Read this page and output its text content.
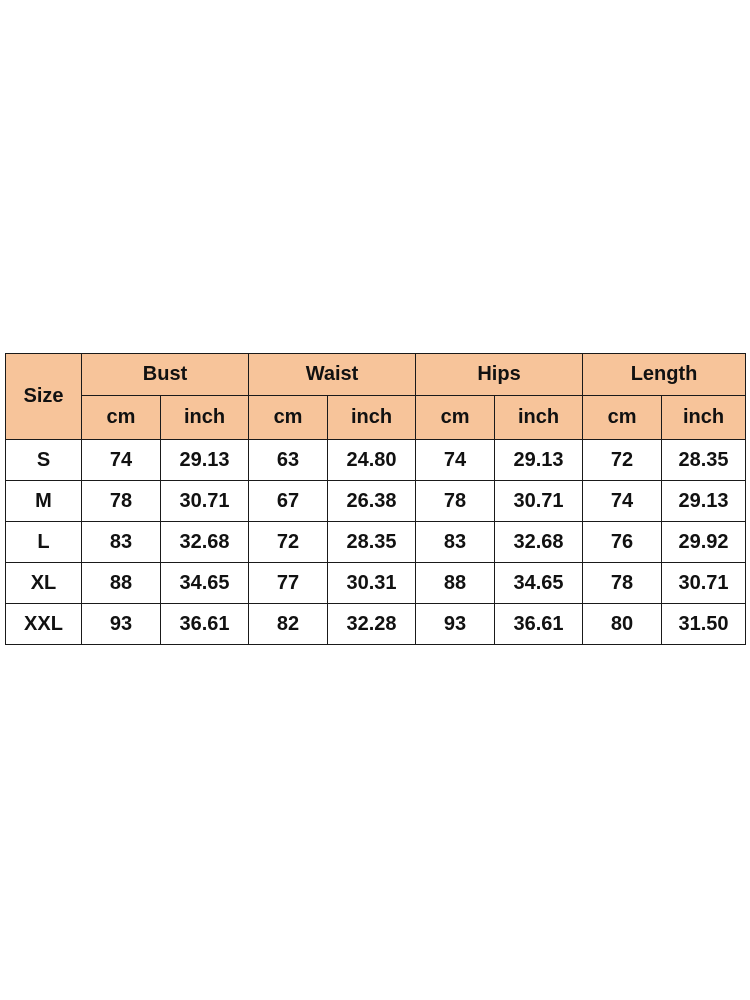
Size	Bust		Waist		Hips		Length	
	cm	inch	cm	inch	cm	inch	cm	inch
S	74	29.13	63	24.80	74	29.13	72	28.35
M	78	30.71	67	26.38	78	30.71	74	29.13
L	83	32.68	72	28.35	83	32.68	76	29.92
XL	88	34.65	77	30.31	88	34.65	78	30.71
XXL	93	36.61	82	32.28	93	36.61	80	31.50
